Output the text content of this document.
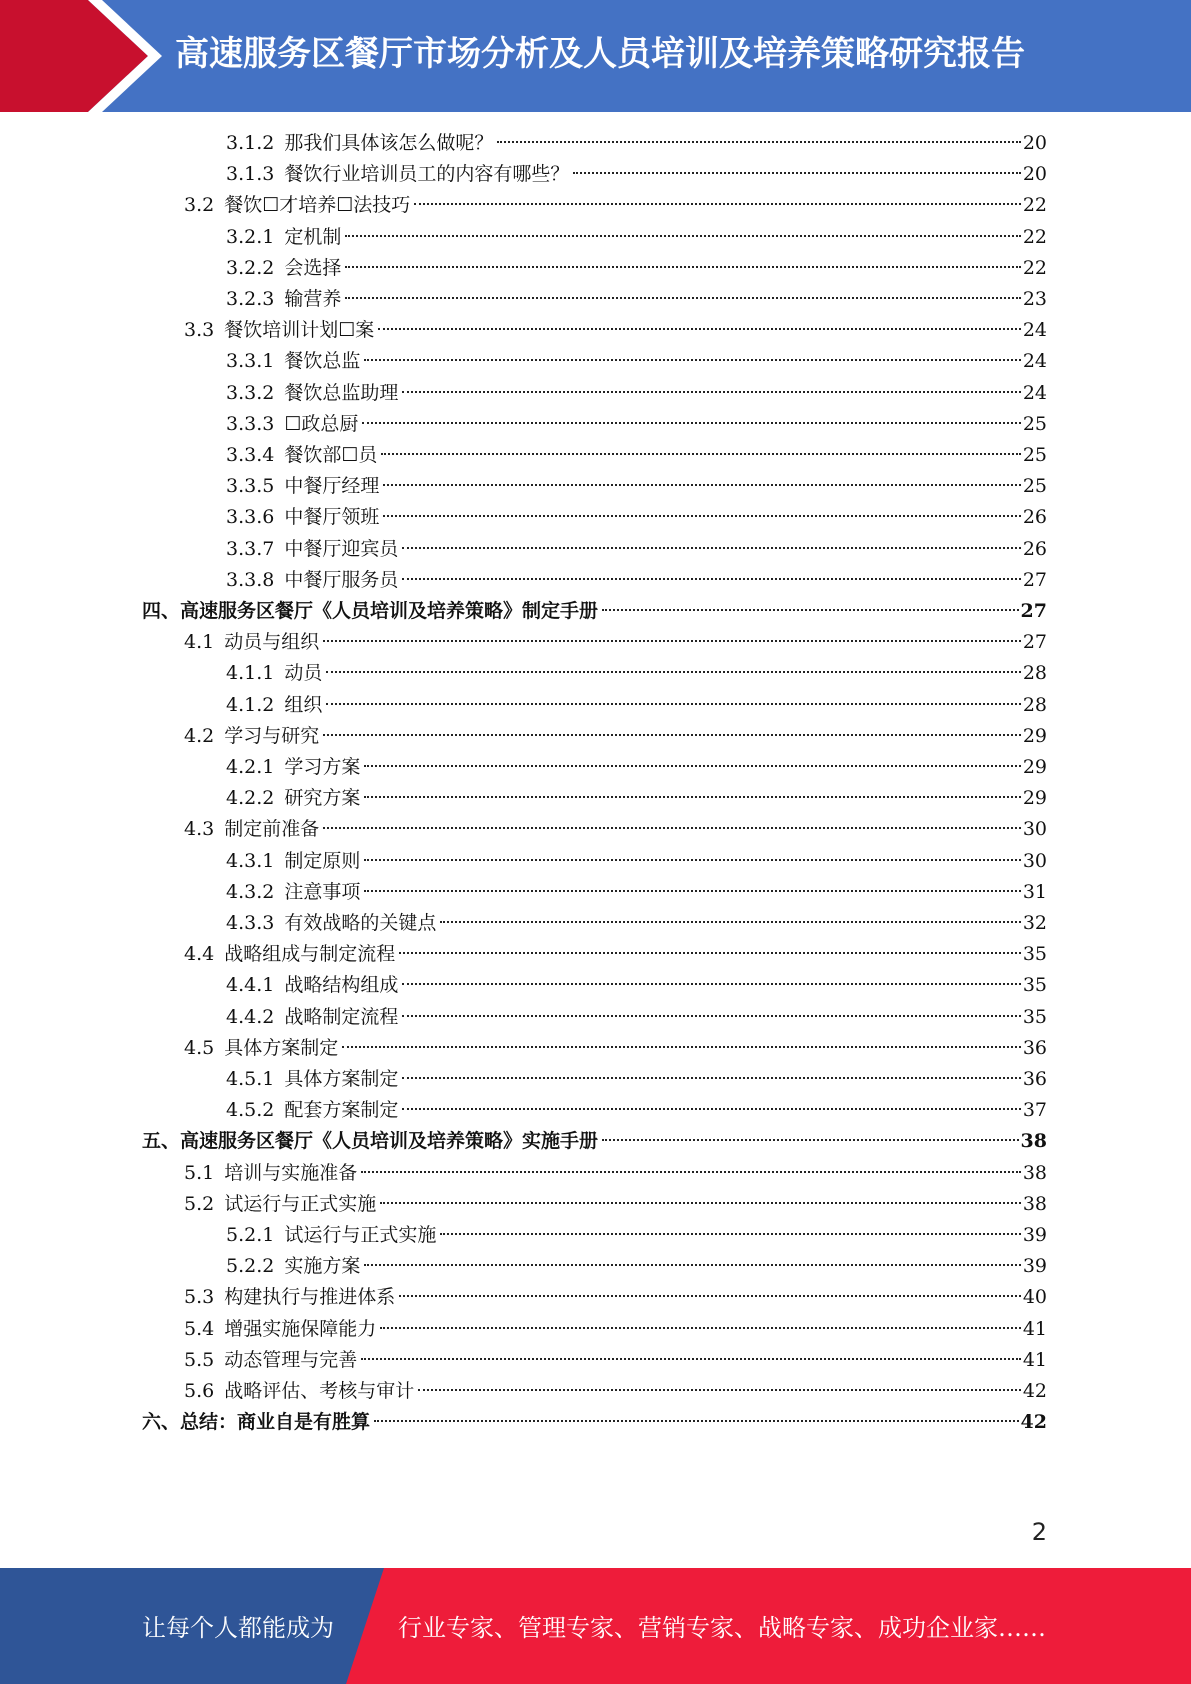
高速服务区餐厅市场分析及人员培训及培养策略研究报告
3.1.2 那我们具体该怎么做呢？	20
3.1.3 餐饮行业培训员工的内容有哪些？	20
3.2 餐饮☐才培养☐法技巧	22
3.2.1 定机制	22
3.2.2 会选择	22
3.2.3 输营养	23
3.3 餐饮培训计划☐案	24
3.3.1 餐饮总监	24
3.3.2 餐饮总监助理	24
3.3.3 ☐政总厨	25
3.3.4 餐饮部☐员	25
3.3.5 中餐厅经理	25
3.3.6 中餐厅领班	26
3.3.7 中餐厅迎宾员	26
3.3.8 中餐厅服务员	27
四、高速服务区餐厅《人员培训及培养策略》制定手册	27
4.1 动员与组织	27
4.1.1 动员	28
4.1.2 组织	28
4.2 学习与研究	29
4.2.1 学习方案	29
4.2.2 研究方案	29
4.3 制定前准备	30
4.3.1 制定原则	30
4.3.2 注意事项	31
4.3.3 有效战略的关键点	32
4.4 战略组成与制定流程	35
4.4.1 战略结构组成	35
4.4.2 战略制定流程	35
4.5 具体方案制定	36
4.5.1 具体方案制定	36
4.5.2 配套方案制定	37
五、高速服务区餐厅《人员培训及培养策略》实施手册	38
5.1 培训与实施准备	38
5.2 试运行与正式实施	38
5.2.1 试运行与正式实施	39
5.2.2 实施方案	39
5.3 构建执行与推进体系	40
5.4 增强实施保障能力	41
5.5 动态管理与完善	41
5.6 战略评估、考核与审计	42
六、总结：商业自是有胜算	42
2
让每个人都能成为	行业专家、管理专家、营销专家、战略专家、成功企业家……
